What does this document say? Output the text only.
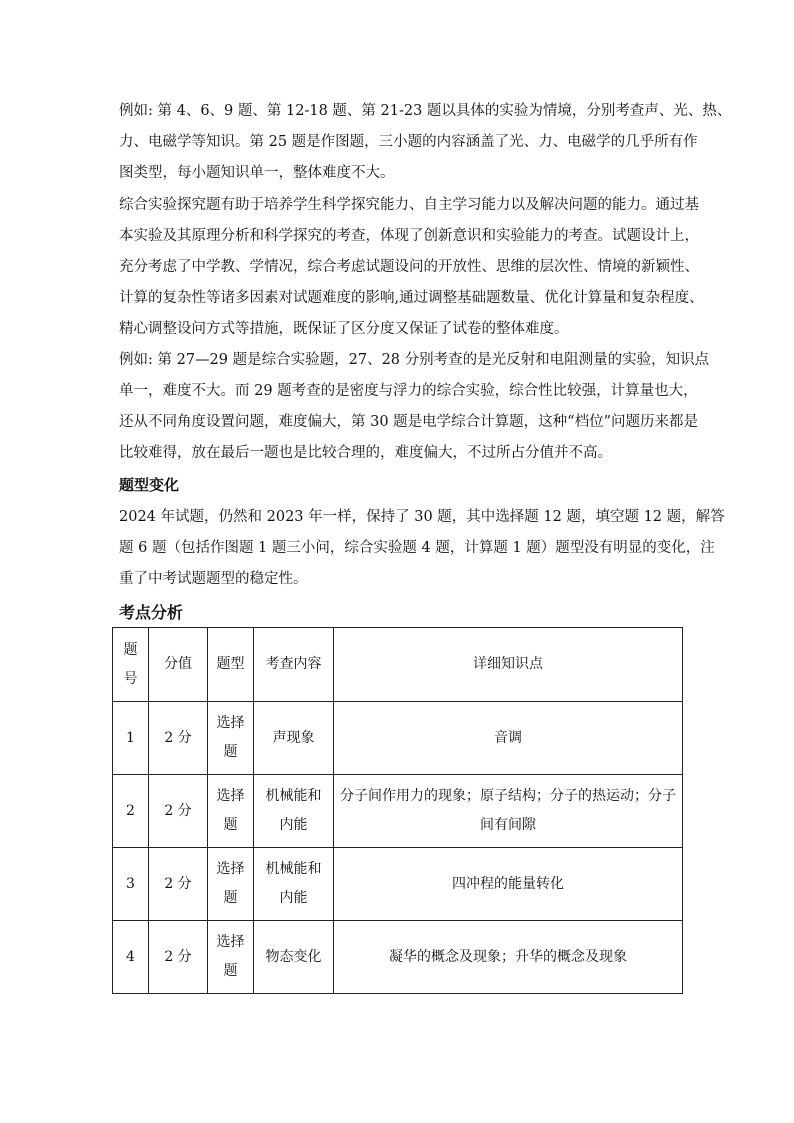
例如: 第 4、6、9 题、第 12-18 题、第 21-23 题以具体的实验为情境，分别考查声、光、热、
力、电磁学等知识。第 25 题是作图题，三小题的内容涵盖了光、力、电磁学的几乎所有作
图类型，每小题知识单一，整体难度不大。

综合实验探究题有助于培养学生科学探究能力、自主学习能力以及解决问题的能力。通过基
本实验及其原理分析和科学探究的考查，体现了创新意识和实验能力的考查。试题设计上，
充分考虑了中学教、学情况，综合考虑试题设问的开放性、思维的层次性、情境的新颖性、
计算的复杂性等诸多因素对试题难度的影响,通过调整基础题数量、优化计算量和复杂程度、
精心调整设问方式等措施，既保证了区分度又保证了试卷的整体难度。

例如: 第 27—29 题是综合实验题，27、28 分别考查的是光反射和电阻测量的实验，知识点
单一，难度不大。而 29 题考查的是密度与浮力的综合实验，综合性比较强，计算量也大，
还从不同角度设置问题，难度偏大，第 30 题是电学综合计算题，这种“档位”问题历来都是
比较难得，放在最后一题也是比较合理的，难度偏大，不过所占分值并不高。

题型变化

2024 年试题，仍然和 2023 年一样，保持了 30 题，其中选择题 12 题，填空题 12 题，解答
题 6 题（包括作图题 1 题三小问，综合实验题 4 题，计算题 1 题）题型没有明显的变化，注
重了中考试题题型的稳定性。

考点分析
题号	分值	题型	考查内容	详细知识点
1	2 分	选择题	声现象	音调
2	2 分	选择题	机械能和内能	分子间作用力的现象；原子结构；分子的热运动；分子间有间隙
3	2 分	选择题	机械能和内能	四冲程的能量转化
4	2 分	选择题	物态变化	凝华的概念及现象；升华的概念及现象
